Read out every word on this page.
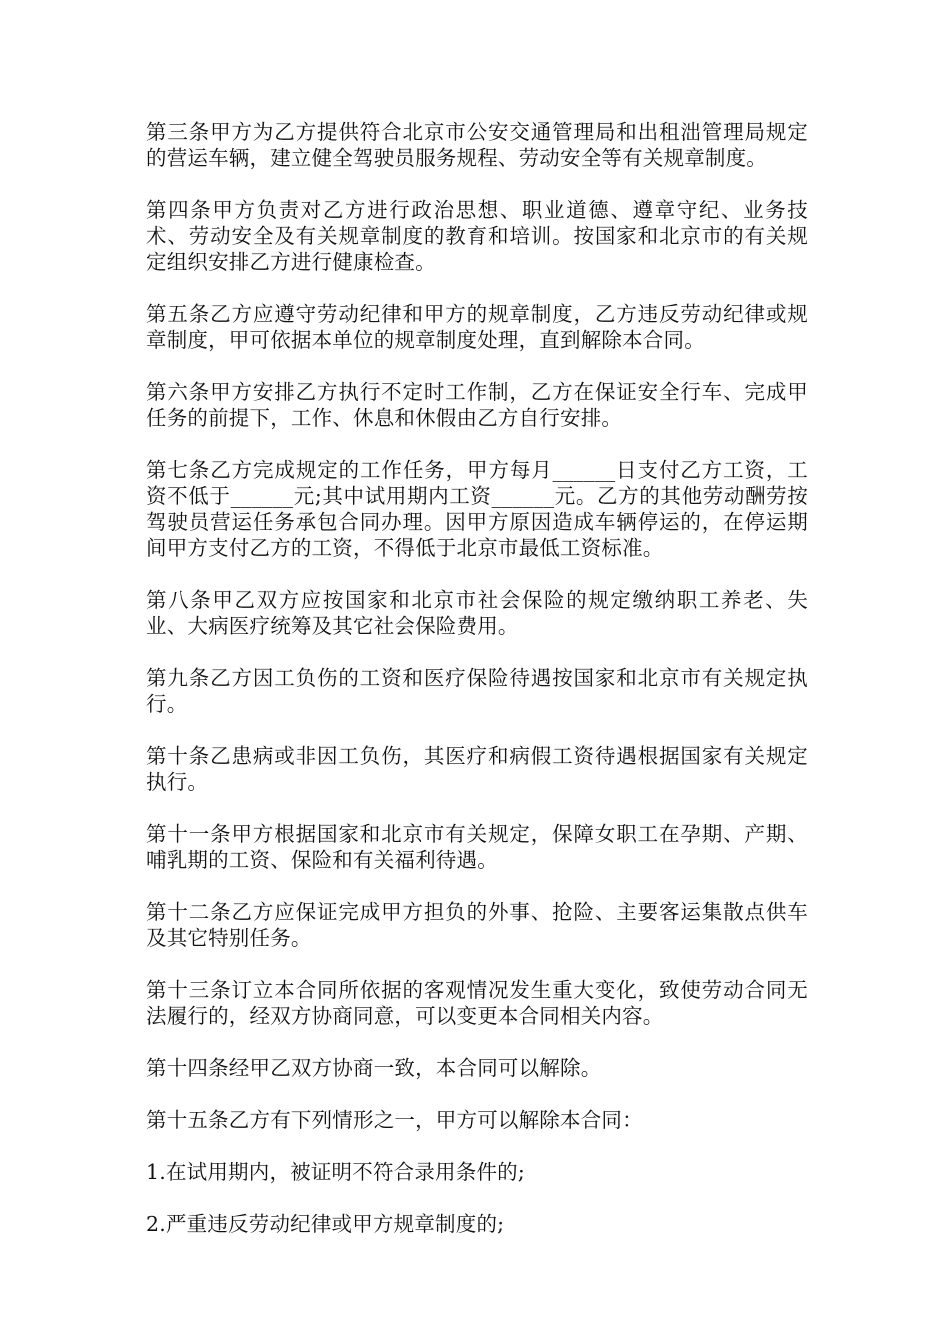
第三条甲方为乙方提供符合北京市公安交通管理局和出租泏管理局规定的营运车辆，建立健全驾驶员服务规程、劳动安全等有关规章制度。

第四条甲方负责对乙方进行政治思想、职业道德、遵章守纪、业务技术、劳动安全及有关规章制度的教育和培训。按国家和北京市的有关规定组织安排乙方进行健康检查。

第五条乙方应遵守劳动纪律和甲方的规章制度，乙方违反劳动纪律或规章制度，甲可依据本单位的规章制度处理，直到解除本合同。

第六条甲方安排乙方执行不定时工作制，乙方在保证安全行车、完成甲任务的前提下，工作、休息和休假由乙方自行安排。

第七条乙方完成规定的工作任务，甲方每月______日支付乙方工资，工资不低于______元;其中试用期内工资______元。乙方的其他劳动酬劳按驾驶员营运任务承包合同办理。因甲方原因造成车辆停运的，在停运期间甲方支付乙方的工资，不得低于北京市最低工资标准。

第八条甲乙双方应按国家和北京市社会保险的规定缴纳职工养老、失业、大病医疗统筹及其它社会保险费用。

第九条乙方因工负伤的工资和医疗保险待遇按国家和北京市有关规定执行。

第十条乙患病或非因工负伤，其医疗和病假工资待遇根据国家有关规定执行。

第十一条甲方根据国家和北京市有关规定，保障女职工在孕期、产期、哺乳期的工资、保险和有关福利待遇。

第十二条乙方应保证完成甲方担负的外事、抢险、主要客运集散点供车及其它特别任务。

第十三条订立本合同所依据的客观情况发生重大变化，致使劳动合同无法履行的，经双方协商同意，可以变更本合同相关内容。

第十四条经甲乙双方协商一致，本合同可以解除。

第十五条乙方有下列情形之一，甲方可以解除本合同：

1.在试用期内，被证明不符合录用条件的;

2.严重违反劳动纪律或甲方规章制度的;
